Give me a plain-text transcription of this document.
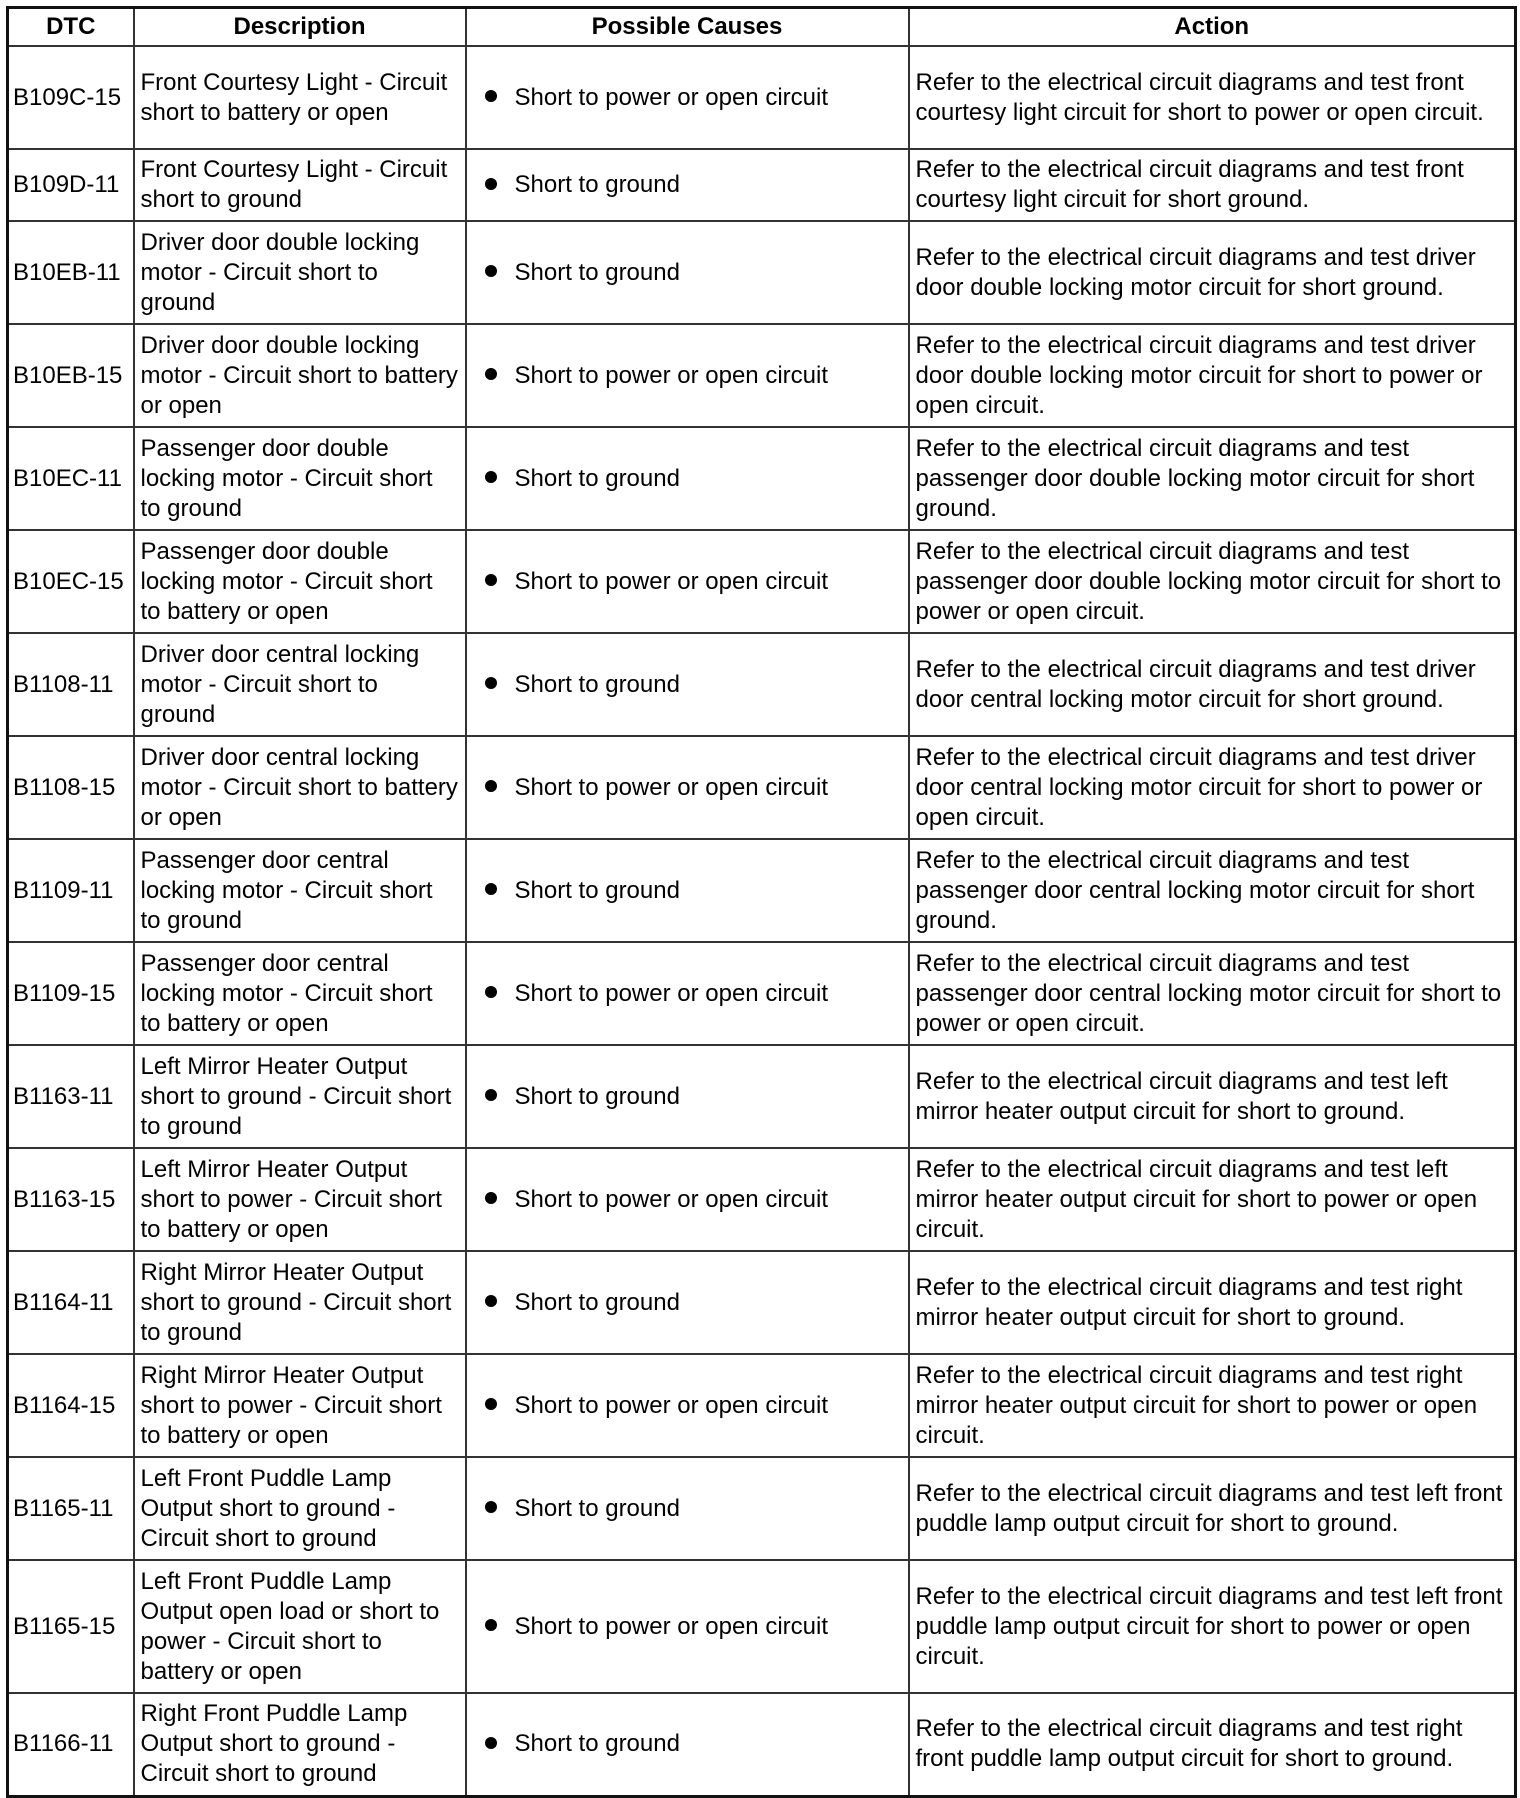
DTC	Description	Possible Causes	Action
B109C-15	Front Courtesy Light - Circuit short to battery or open	Short to power or open circuit	Refer to the electrical circuit diagrams and test front courtesy light circuit for short to power or open circuit.
B109D-11	Front Courtesy Light - Circuit short to ground	Short to ground	Refer to the electrical circuit diagrams and test front courtesy light circuit for short ground.
B10EB-11	Driver door double locking motor - Circuit short to ground	Short to ground	Refer to the electrical circuit diagrams and test driver door double locking motor circuit for short ground.
B10EB-15	Driver door double locking motor - Circuit short to battery or open	Short to power or open circuit	Refer to the electrical circuit diagrams and test driver door double locking motor circuit for short to power or open circuit.
B10EC-11	Passenger door double locking motor - Circuit short to ground	Short to ground	Refer to the electrical circuit diagrams and test passenger door double locking motor circuit for short ground.
B10EC-15	Passenger door double locking motor - Circuit short to battery or open	Short to power or open circuit	Refer to the electrical circuit diagrams and test passenger door double locking motor circuit for short to power or open circuit.
B1108-11	Driver door central locking motor - Circuit short to ground	Short to ground	Refer to the electrical circuit diagrams and test driver door central locking motor circuit for short ground.
B1108-15	Driver door central locking motor - Circuit short to battery or open	Short to power or open circuit	Refer to the electrical circuit diagrams and test driver door central locking motor circuit for short to power or open circuit.
B1109-11	Passenger door central locking motor - Circuit short to ground	Short to ground	Refer to the electrical circuit diagrams and test passenger door central locking motor circuit for short ground.
B1109-15	Passenger door central locking motor - Circuit short to battery or open	Short to power or open circuit	Refer to the electrical circuit diagrams and test passenger door central locking motor circuit for short to power or open circuit.
B1163-11	Left Mirror Heater Output short to ground - Circuit short to ground	Short to ground	Refer to the electrical circuit diagrams and test left mirror heater output circuit for short to ground.
B1163-15	Left Mirror Heater Output short to power - Circuit short to battery or open	Short to power or open circuit	Refer to the electrical circuit diagrams and test left mirror heater output circuit for short to power or open circuit.
B1164-11	Right Mirror Heater Output short to ground - Circuit short to ground	Short to ground	Refer to the electrical circuit diagrams and test right mirror heater output circuit for short to ground.
B1164-15	Right Mirror Heater Output short to power - Circuit short to battery or open	Short to power or open circuit	Refer to the electrical circuit diagrams and test right mirror heater output circuit for short to power or open circuit.
B1165-11	Left Front Puddle Lamp Output short to ground - Circuit short to ground	Short to ground	Refer to the electrical circuit diagrams and test left front puddle lamp output circuit for short to ground.
B1165-15	Left Front Puddle Lamp Output open load or short to power - Circuit short to battery or open	Short to power or open circuit	Refer to the electrical circuit diagrams and test left front puddle lamp output circuit for short to power or open circuit.
B1166-11	Right Front Puddle Lamp Output short to ground - Circuit short to ground	Short to ground	Refer to the electrical circuit diagrams and test right front puddle lamp output circuit for short to ground.
